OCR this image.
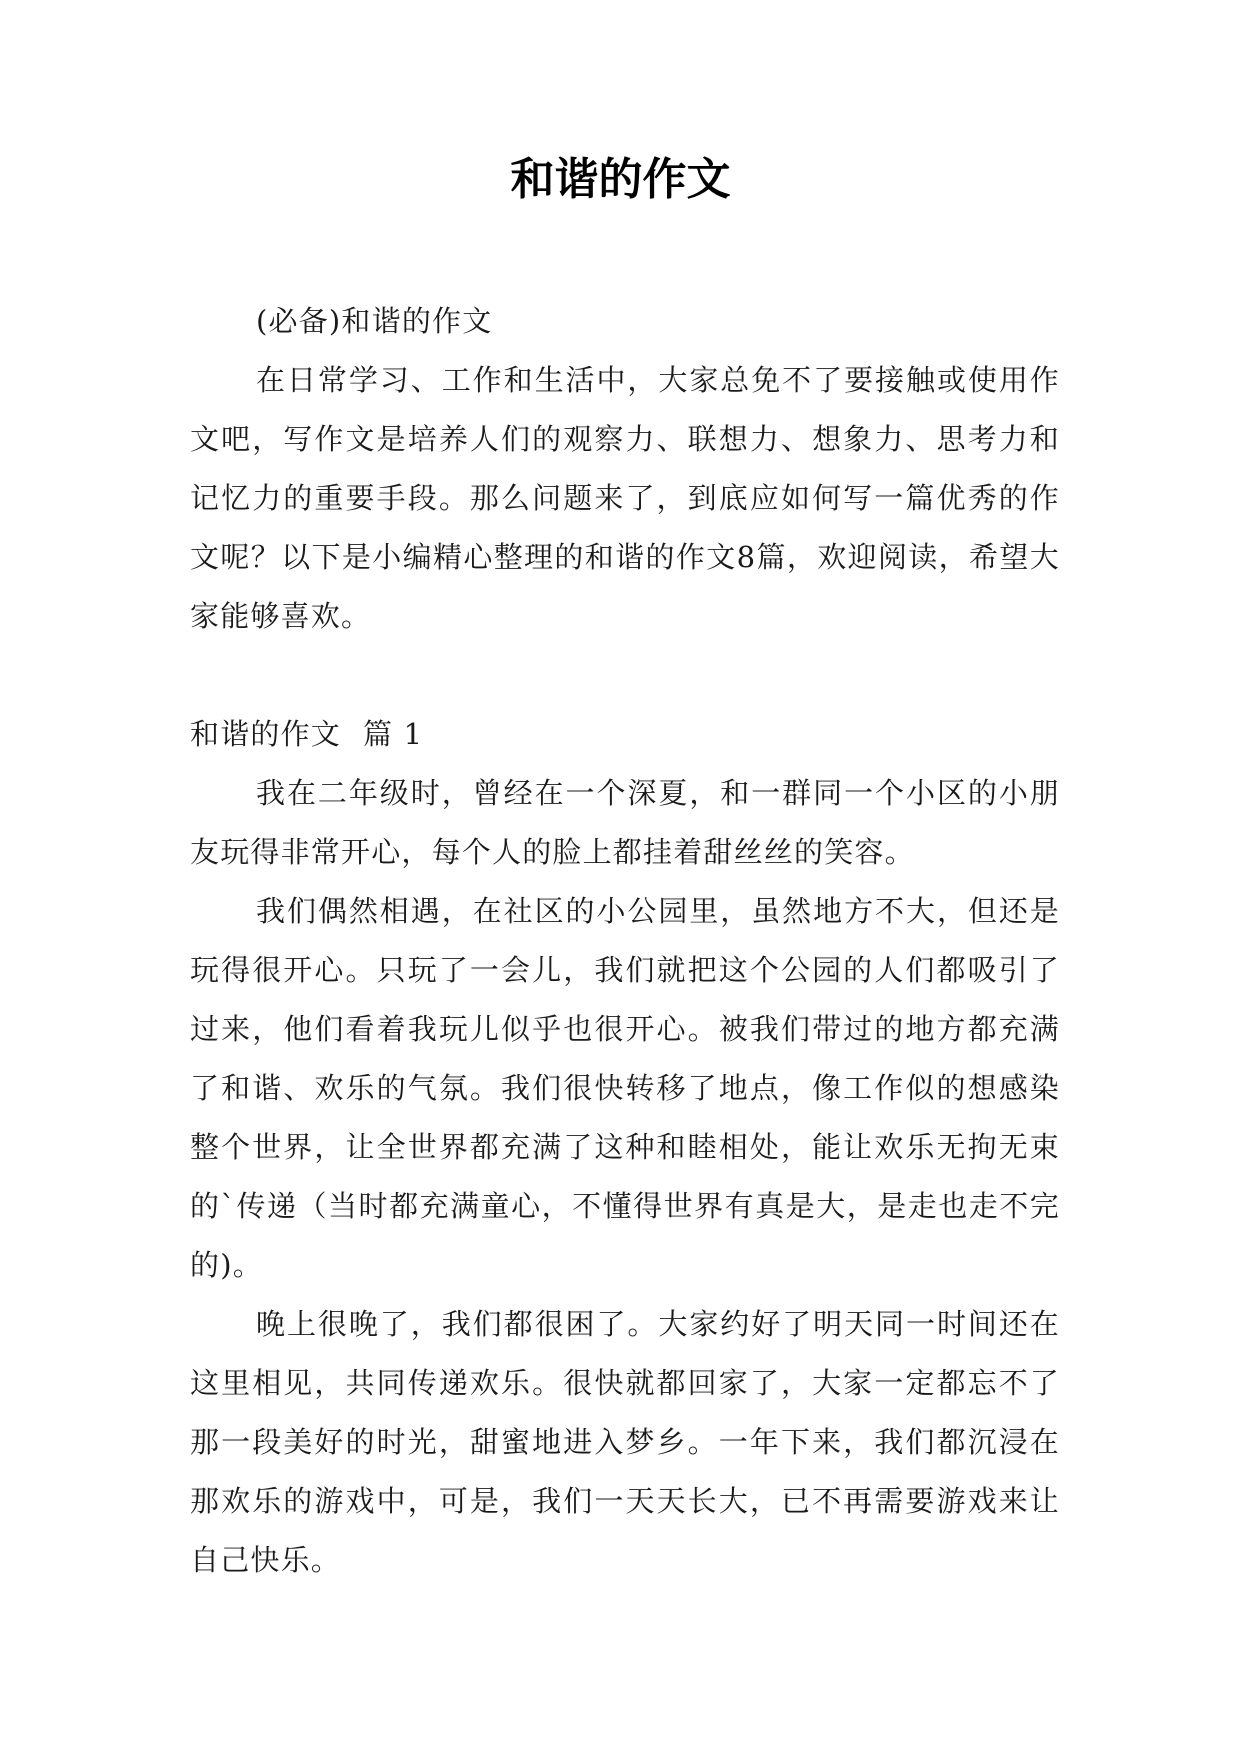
和谐的作文

(必备)和谐的作文

在日常学习、工作和生活中，大家总免不了要接触或使用作文吧，写作文是培养人们的观察力、联想力、想象力、思考力和记忆力的重要手段。那么问题来了，到底应如何写一篇优秀的作文呢？以下是小编精心整理的和谐的作文8篇，欢迎阅读，希望大家能够喜欢。

和谐的作文 篇 1

我在二年级时，曾经在一个深夏，和一群同一个小区的小朋友玩得非常开心，每个人的脸上都挂着甜丝丝的笑容。

我们偶然相遇，在社区的小公园里，虽然地方不大，但还是玩得很开心。只玩了一会儿，我们就把这个公园的人们都吸引了过来，他们看着我玩儿似乎也很开心。被我们带过的地方都充满了和谐、欢乐的气氛。我们很快转移了地点，像工作似的想感染整个世界，让全世界都充满了这种和睦相处，能让欢乐无拘无束的`传递（当时都充满童心，不懂得世界有真是大，是走也走不完的)。

晚上很晚了，我们都很困了。大家约好了明天同一时间还在这里相见，共同传递欢乐。很快就都回家了，大家一定都忘不了那一段美好的时光，甜蜜地进入梦乡。一年下来，我们都沉浸在那欢乐的游戏中，可是，我们一天天长大，已不再需要游戏来让自己快乐。
